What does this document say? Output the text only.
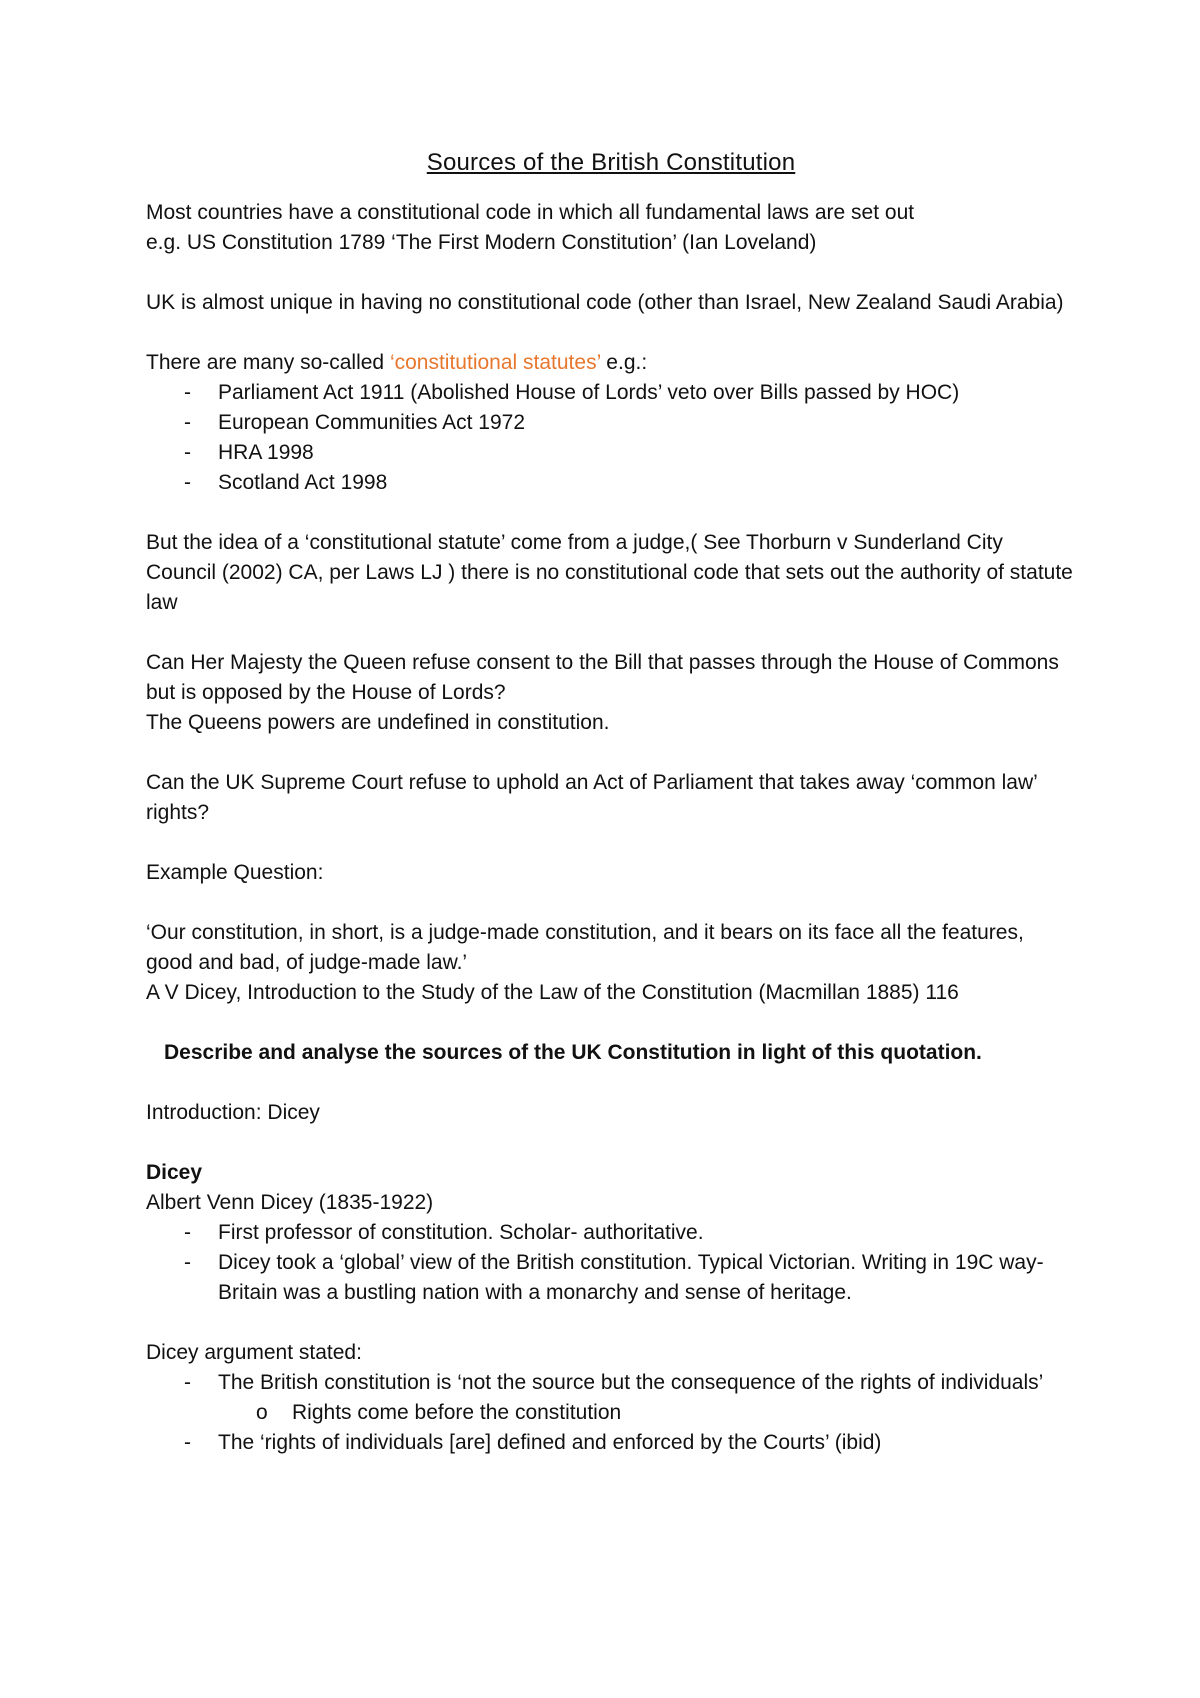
Sources of the British Constitution

Most countries have a constitutional code in which all fundamental laws are set out
e.g. US Constitution 1789 ‘The First Modern Constitution’ (Ian Loveland)

UK is almost unique in having no constitutional code (other than Israel, New Zealand Saudi Arabia)

There are many so-called ‘constitutional statutes’ e.g.:

- Parliament Act 1911 (Abolished House of Lords’ veto over Bills passed by HOC)
- European Communities Act 1972
- HRA 1998
- Scotland Act 1998

But the idea of a ‘constitutional statute’ come from a judge,( See Thorburn v Sunderland City Council (2002) CA, per Laws LJ ) there is no constitutional code that sets out the authority of statute law

Can Her Majesty the Queen refuse consent to the Bill that passes through the House of Commons but is opposed by the House of Lords?
The Queens powers are undefined in constitution.

Can the UK Supreme Court refuse to uphold an Act of Parliament that takes away ‘common law’ rights?

Example Question:

‘Our constitution, in short, is a judge-made constitution, and it bears on its face all the features, good and bad, of judge-made law.’
A V Dicey, Introduction to the Study of the Law of the Constitution (Macmillan 1885) 116

Describe and analyse the sources of the UK Constitution in light of this quotation.

Introduction: Dicey

Dicey

Albert Venn Dicey (1835-1922)

- First professor of constitution. Scholar- authoritative.
- Dicey took a ‘global’ view of the British constitution. Typical Victorian. Writing in 19C way- Britain was a bustling nation with a monarchy and sense of heritage.

Dicey argument stated:

- The British constitution is ‘not the source but the consequence of the rights of individuals’
o Rights come before the constitution
- The ‘rights of individuals [are] defined and enforced by the Courts’ (ibid)
